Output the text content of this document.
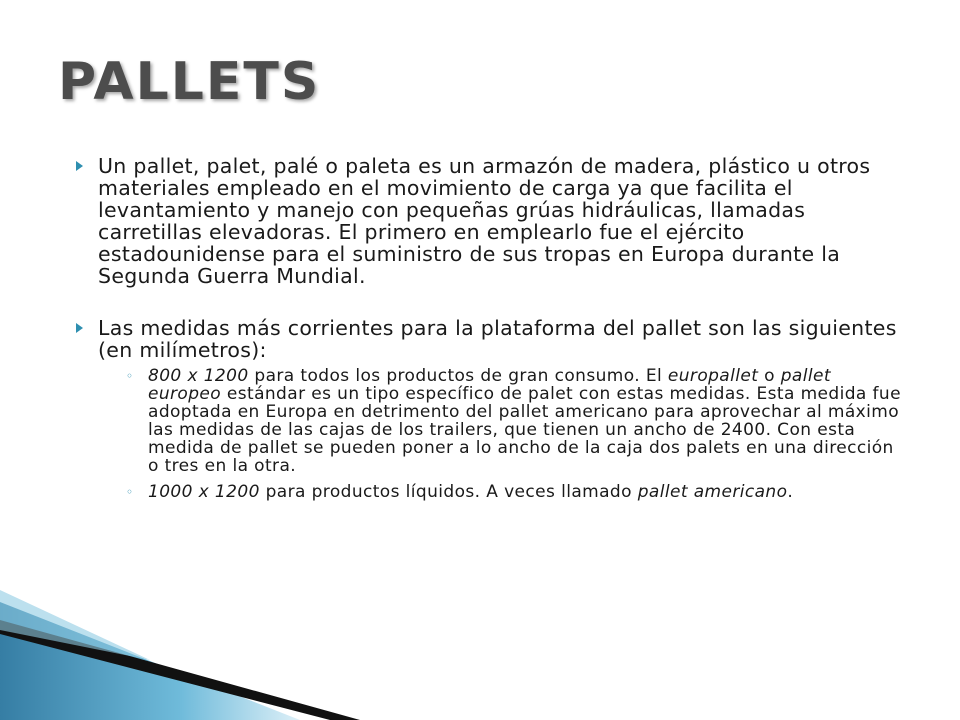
PALLETS

Un pallet, palet, palé o paleta es un armazón de madera, plástico u otros materiales empleado en el movimiento de carga ya que facilita el levantamiento y manejo con pequeñas grúas hidráulicas, llamadas carretillas elevadoras. El primero en emplearlo fue el ejército estadounidense para el suministro de sus tropas en Europa durante la Segunda Guerra Mundial.

Las medidas más corrientes para la plataforma del pallet son las siguientes (en milímetros):
◦ 800 x 1200 para todos los productos de gran consumo. El europallet o pallet europeo estándar es un tipo específico de palet con estas medidas. Esta medida fue adoptada en Europa en detrimento del pallet americano para aprovechar al máximo las medidas de las cajas de los trailers, que tienen un ancho de 2400. Con esta medida de pallet se pueden poner a lo ancho de la caja dos palets en una dirección o tres en la otra.
◦ 1000 x 1200 para productos líquidos. A veces llamado pallet americano.
